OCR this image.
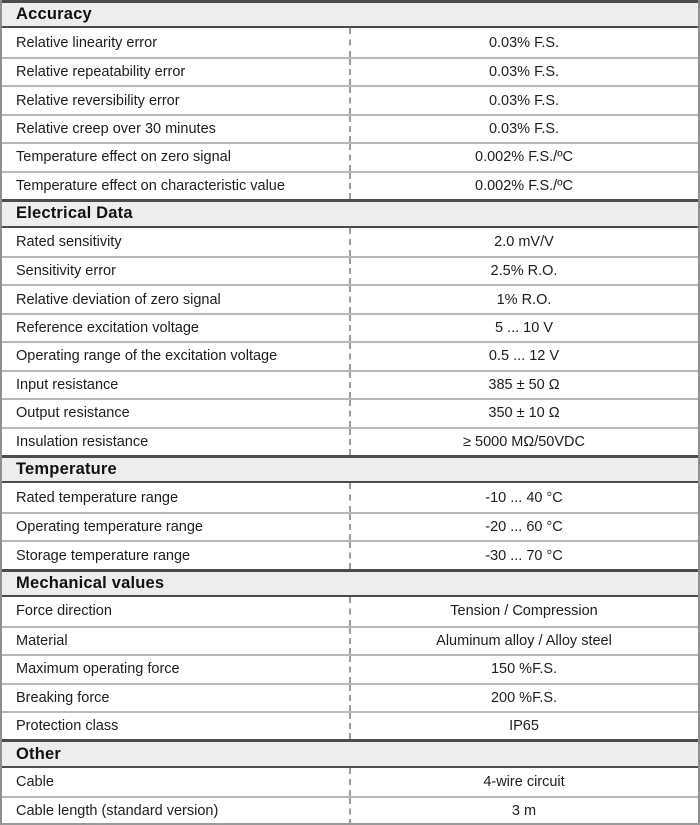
Accuracy
Relative linearity error	0.03% F.S.
Relative repeatability error	0.03% F.S.
Relative reversibility error	0.03% F.S.
Relative creep over 30 minutes	0.03% F.S.
Temperature effect on zero signal	0.002% F.S./ºC
Temperature effect on characteristic value	0.002% F.S./ºC
Electrical Data
Rated sensitivity	2.0 mV/V
Sensitivity error	2.5% R.O.
Relative deviation of zero signal	1% R.O.
Reference excitation voltage	5 ... 10 V
Operating range of the excitation voltage	0.5 ... 12 V
Input resistance	385 ± 50 Ω
Output resistance	350 ± 10 Ω
Insulation resistance	≥ 5000 MΩ/50VDC
Temperature
Rated temperature range	-10 ... 40 °C
Operating temperature range	-20 ... 60 °C
Storage temperature range	-30 ... 70 °C
Mechanical values
Force direction	Tension / Compression
Material	Aluminum alloy / Alloy steel
Maximum operating force	150 %F.S.
Breaking force	200 %F.S.
Protection class	IP65
Other
Cable	4-wire circuit
Cable length (standard version)	3 m
